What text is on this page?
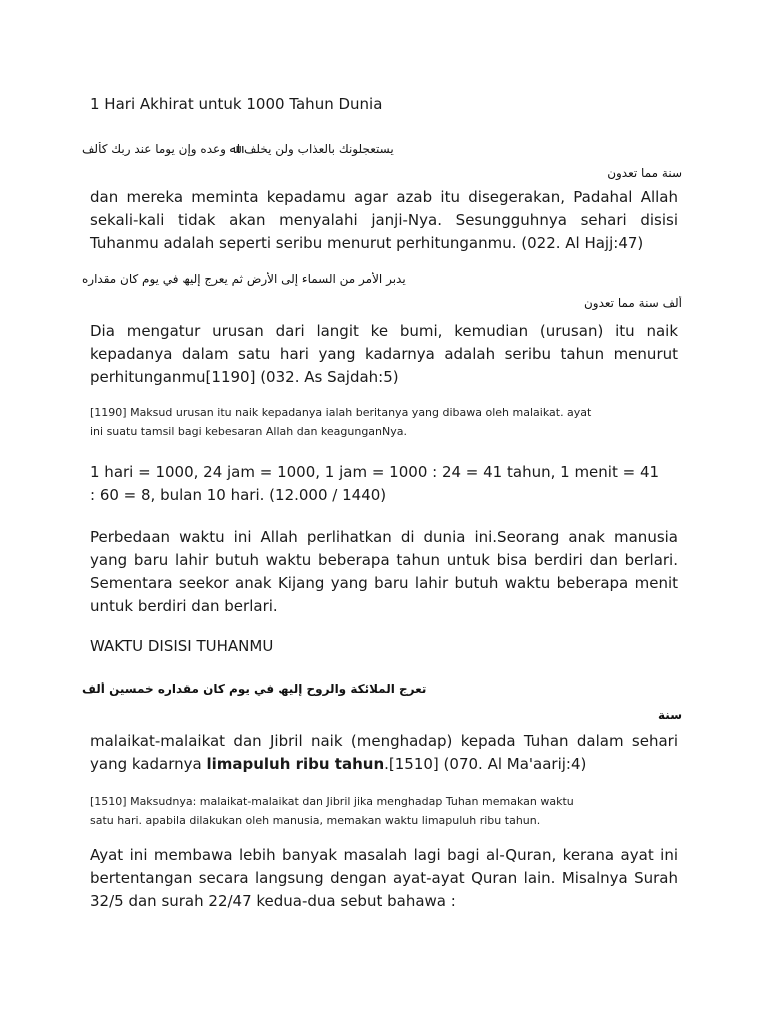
1 Hari Akhirat untuk 1000 Tahun Dunia
ﯾﺴﺘﻌﺠﻠﻮﻧﻚ ﺑﺎﻟﻌﺬاب وﻟﻦ ﯾﺨﻠﻒ اﷲ وﻋﺪه وإن ﯾﻮﻣﺎ ﻋﻨﺪ رﺑﻚ ﻛﺄﻟﻒ
ﺳﻨﺔ ﻣﻤﺎ ﺗﻌﺪون
dan mereka meminta kepadamu agar azab itu disegerakan, Padahal Allah
sekali-kali tidak akan menyalahi janji-Nya. Sesungguhnya sehari disisi
Tuhanmu adalah seperti seribu menurut perhitunganmu. (022. Al Hajj:47)
ﯾﺪﺑﺮ اﻷﻣﺮ ﻣﻦ اﻟﺴﻤﺎء إﻟﻰ اﻷرض ﺛﻢ ﯾﻌﺮج إﻟﯿﮫ ﻓﻲ ﯾﻮم ﻛﺎن ﻣﻘﺪاره
أﻟﻒ ﺳﻨﺔ ﻣﻤﺎ ﺗﻌﺪون
Dia mengatur urusan dari langit ke bumi, kemudian (urusan) itu naik
kepadanya dalam satu hari yang kadarnya adalah seribu tahun menurut
perhitunganmu[1190] (032. As Sajdah:5)
[1190] Maksud urusan itu naik kepadanya ialah beritanya yang dibawa oleh malaikat. ayat
ini suatu tamsil bagi kebesaran Allah dan keagunganNya.
1 hari = 1000, 24 jam = 1000, 1 jam = 1000 : 24 = 41 tahun, 1 menit = 41
: 60 = 8, bulan 10 hari. (12.000 / 1440)
Perbedaan waktu ini Allah perlihatkan di dunia ini.Seorang anak manusia
yang baru lahir butuh waktu beberapa tahun untuk bisa berdiri dan berlari.
Sementara seekor anak Kijang yang baru lahir butuh waktu beberapa menit
untuk berdiri dan berlari.
WAKTU DISISI TUHANMU
ﺗﻌﺮج اﻟﻤﻼﺋﻜﺔ واﻟﺮوح إﻟﯿﮫ ﻓﻲ ﯾﻮم ﻛﺎن ﻣﻘﺪاره ﺧﻤﺴﯿﻦ أﻟﻒ
ﺳﻨﺔ
malaikat-malaikat dan Jibril naik (menghadap) kepada Tuhan dalam sehari
yang kadarnya limapuluh ribu tahun.[1510] (070. Al Ma'aarij:4)
[1510] Maksudnya: malaikat-malaikat dan Jibril jika menghadap Tuhan memakan waktu
satu hari. apabila dilakukan oleh manusia, memakan waktu limapuluh ribu tahun.
Ayat ini membawa lebih banyak masalah lagi bagi al-Quran, kerana ayat ini
bertentangan secara langsung dengan ayat-ayat Quran lain. Misalnya Surah
32/5 dan surah 22/47 kedua-dua sebut bahawa :
